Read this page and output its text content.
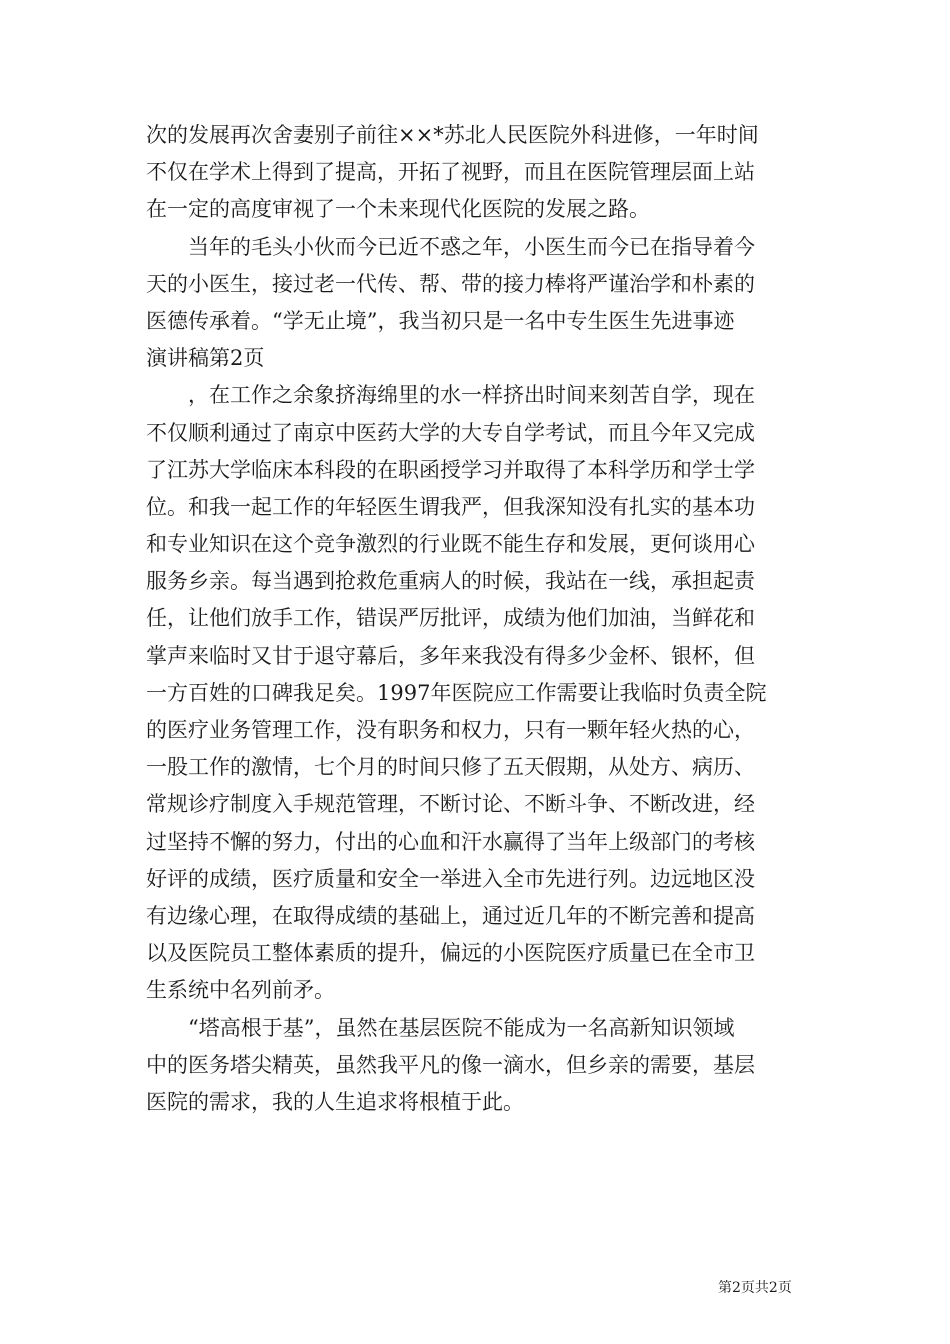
次的发展再次舍妻别子前往××*苏北人民医院外科进修，一年时间
不仅在学术上得到了提高，开拓了视野，而且在医院管理层面上站
在一定的高度审视了一个未来现代化医院的发展之路。
当年的毛头小伙而今已近不惑之年，小医生而今已在指导着今
天的小医生，接过老一代传、帮、带的接力棒将严谨治学和朴素的
医德传承着。“学无止境”，我当初只是一名中专生医生先进事迹
演讲稿第2页
，在工作之余象挤海绵里的水一样挤出时间来刻苦自学，现在
不仅顺利通过了南京中医药大学的大专自学考试，而且今年又完成
了江苏大学临床本科段的在职函授学习并取得了本科学历和学士学
位。和我一起工作的年轻医生谓我严，但我深知没有扎实的基本功
和专业知识在这个竞争激烈的行业既不能生存和发展，更何谈用心
服务乡亲。每当遇到抢救危重病人的时候，我站在一线，承担起责
任，让他们放手工作，错误严厉批评，成绩为他们加油，当鲜花和
掌声来临时又甘于退守幕后，多年来我没有得多少金杯、银杯，但
一方百姓的口碑我足矣。1997年医院应工作需要让我临时负责全院
的医疗业务管理工作，没有职务和权力，只有一颗年轻火热的心，
一股工作的激情，七个月的时间只修了五天假期，从处方、病历、
常规诊疗制度入手规范管理，不断讨论、不断斗争、不断改进，经
过坚持不懈的努力，付出的心血和汗水赢得了当年上级部门的考核
好评的成绩，医疗质量和安全一举进入全市先进行列。边远地区没
有边缘心理，在取得成绩的基础上，通过近几年的不断完善和提高
以及医院员工整体素质的提升，偏远的小医院医疗质量已在全市卫
生系统中名列前矛。
“塔高根于基”，虽然在基层医院不能成为一名高新知识领域
中的医务塔尖精英，虽然我平凡的像一滴水，但乡亲的需要，基层
医院的需求，我的人生追求将根植于此。
第2页共2页
